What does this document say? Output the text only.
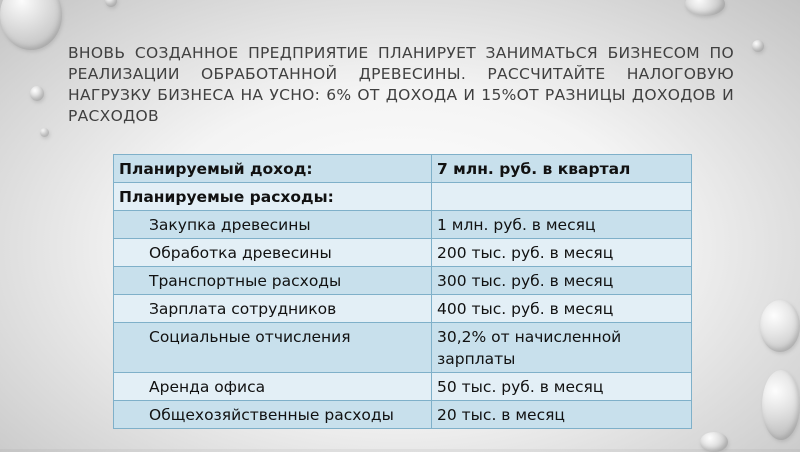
ВНОВЬ СОЗДАННОЕ ПРЕДПРИЯТИЕ ПЛАНИРУЕТ ЗАНИМАТЬСЯ БИЗНЕСОМ ПО РЕАЛИЗАЦИИ ОБРАБОТАННОЙ ДРЕВЕСИНЫ. РАССЧИТАЙТЕ НАЛОГОВУЮ НАГРУЗКУ БИЗНЕСА НА УСНО: 6% ОТ ДОХОДА И 15%ОТ РАЗНИЦЫ ДОХОДОВ И РАСХОДОВ
Планируемый доход:	7 млн. руб. в квартал
Планируемые расходы:	
Закупка древесины	1 млн. руб. в месяц
Обработка древесины	200 тыс. руб. в месяц
Транспортные расходы	300 тыс. руб. в месяц
Зарплата сотрудников	400 тыс. руб. в месяц
Социальные отчисления	30,2% от начисленной зарплаты
Аренда офиса	50 тыс. руб. в месяц
Общехозяйственные расходы	20 тыс. в месяц
